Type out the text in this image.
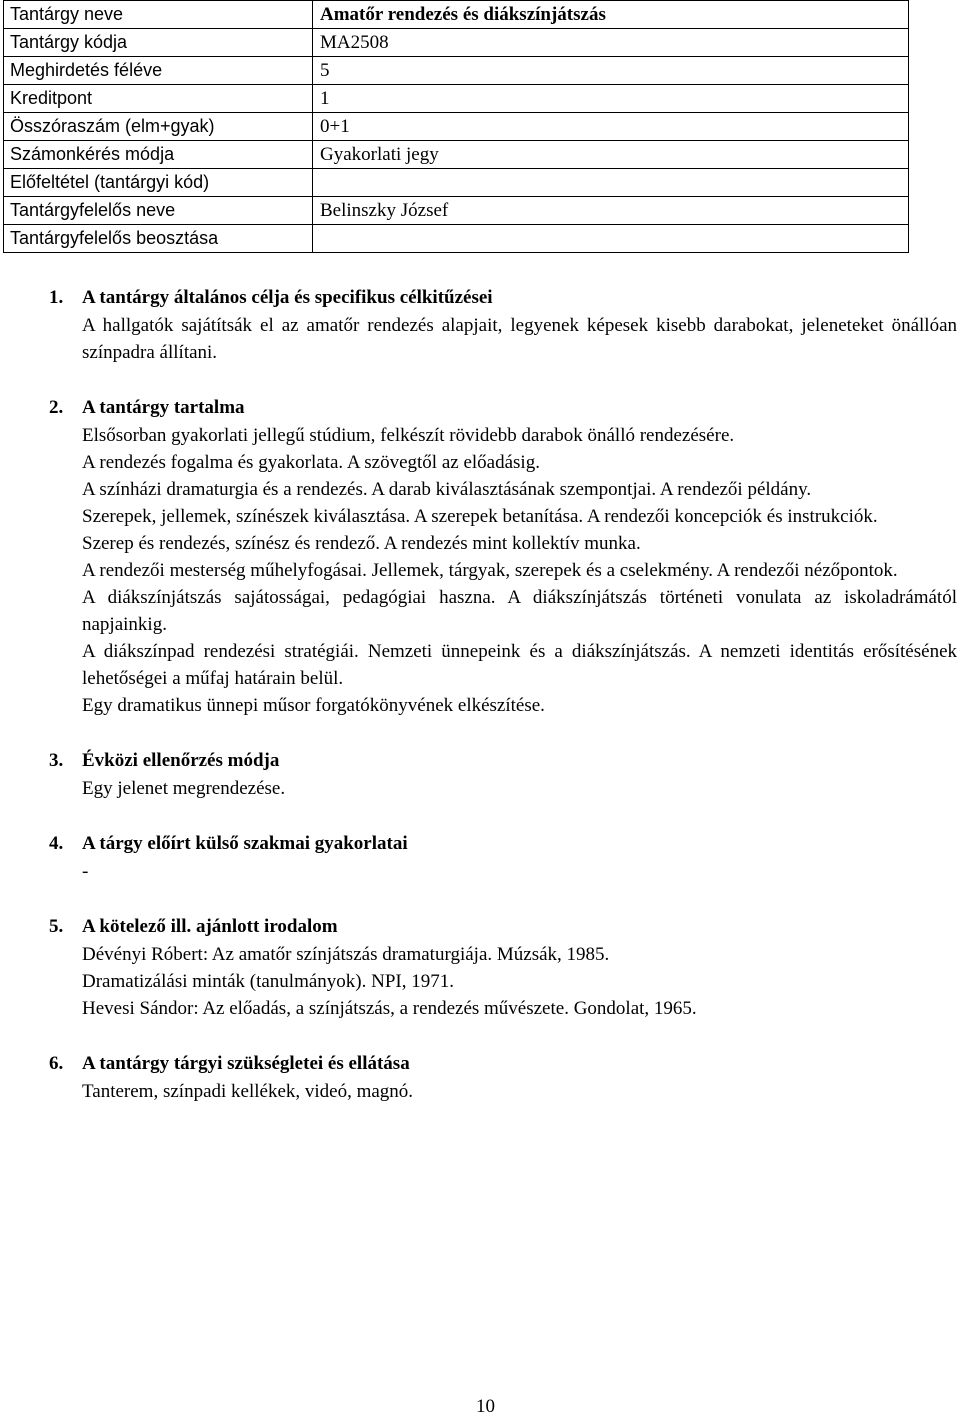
Tantárgy neve	Amatőr rendezés és diákszínjátszás
Tantárgy kódja	MA2508
Meghirdetés féléve	5
Kreditpont	1
Összóraszám (elm+gyak)	0+1
Számonkérés módja	Gyakorlati jegy
Előfeltétel (tantárgyi kód)	
Tantárgyfelelős neve	Belinszky József
Tantárgyfelelős beosztása	
1. A tantárgy általános célja és specifikus célkitűzései

A hallgatók sajátítsák el az amatőr rendezés alapjait, legyenek képesek kisebb darabokat, jeleneteket önállóan színpadra állítani.

2. A tantárgy tartalma

Elsősorban gyakorlati jellegű stúdium, felkészít rövidebb darabok önálló rendezésére.

A rendezés fogalma és gyakorlata. A szövegtől az előadásig.

A színházi dramaturgia és a rendezés. A darab kiválasztásának szempontjai. A rendezői példány.

Szerepek, jellemek, színészek kiválasztása. A szerepek betanítása. A rendezői koncepciók és instrukciók.

Szerep és rendezés, színész és rendező. A rendezés mint kollektív munka.

A rendezői mesterség műhelyfogásai. Jellemek, tárgyak, szerepek és a cselekmény. A rendezői nézőpontok.

A diákszínjátszás sajátosságai, pedagógiai haszna. A diákszínjátszás történeti vonulata az iskoladrámától napjainkig.

A diákszínpad rendezési stratégiái. Nemzeti ünnepeink és a diákszínjátszás. A nemzeti identitás erősítésének lehetőségei a műfaj határain belül.

Egy dramatikus ünnepi műsor forgatókönyvének elkészítése.

3. Évközi ellenőrzés módja

Egy jelenet megrendezése.

4. A tárgy előírt külső szakmai gyakorlatai

-

5. A kötelező ill. ajánlott irodalom

Dévényi Róbert: Az amatőr színjátszás dramaturgiája. Múzsák, 1985.

Dramatizálási minták (tanulmányok). NPI, 1971.

Hevesi Sándor: Az előadás, a színjátszás, a rendezés művészete. Gondolat, 1965.

6. A tantárgy tárgyi szükségletei és ellátása

Tanterem, színpadi kellékek, videó, magnó.

10
